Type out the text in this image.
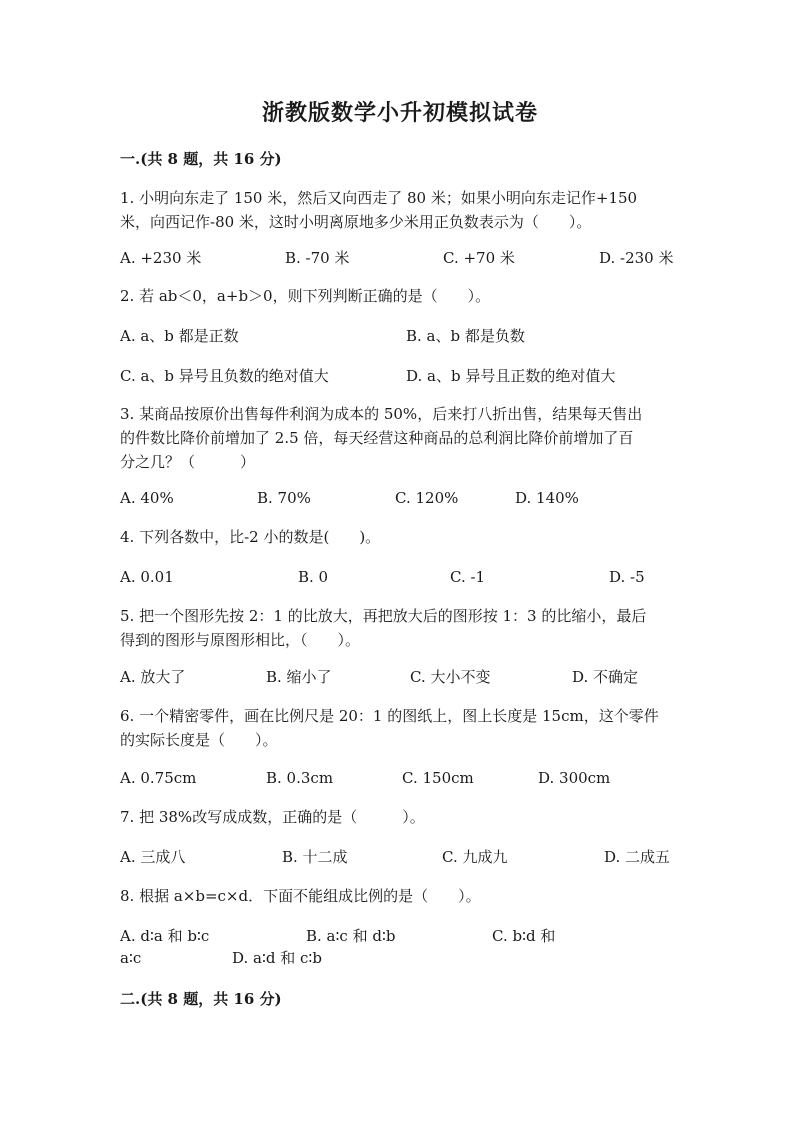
浙教版数学小升初模拟试卷
一.(共 8 题，共 16 分)
1. 小明向东走了 150 米，然后又向西走了 80 米；如果小明向东走记作+150
米，向西记作-80 米，这时小明离原地多少米用正负数表示为（　　）。
A. +230 米	B. -70 米	C. +70 米	D. -230 米
2. 若 ab＜0，a+b＞0，则下列判断正确的是（　　）。
A. a、b 都是正数	B. a、b 都是负数
C. a、b 异号且负数的绝对值大	D. a、b 异号且正数的绝对值大
3. 某商品按原价出售每件利润为成本的 50%，后来打八折出售，结果每天售出
的件数比降价前增加了 2.5 倍，每天经营这种商品的总利润比降价前增加了百
分之几？（　　　）
A. 40%	B. 70%	C. 120%	D. 140%
4. 下列各数中，比-2 小的数是(　　)。
A. 0.01	B. 0	C. -1	D. -5
5. 把一个图形先按 2：1 的比放大，再把放大后的图形按 1：3 的比缩小，最后
得到的图形与原图形相比，（　　）。
A. 放大了	B. 缩小了	C. 大小不变	D. 不确定
6. 一个精密零件，画在比例尺是 20：1 的图纸上，图上长度是 15cm，这个零件
的实际长度是（　　）。
A. 0.75cm	B. 0.3cm	C. 150cm	D. 300cm
7. 把 38%改写成成数，正确的是（　　　）。
A. 三成八	B. 十二成	C. 九成九	D. 二成五
8. 根据 a×b=c×d．下面不能组成比例的是（　　）。
A. d∶a 和 b∶c	B. a∶c 和 d∶b	C. b∶d 和
a∶c	D. a∶d 和 c∶b
二.(共 8 题，共 16 分)
